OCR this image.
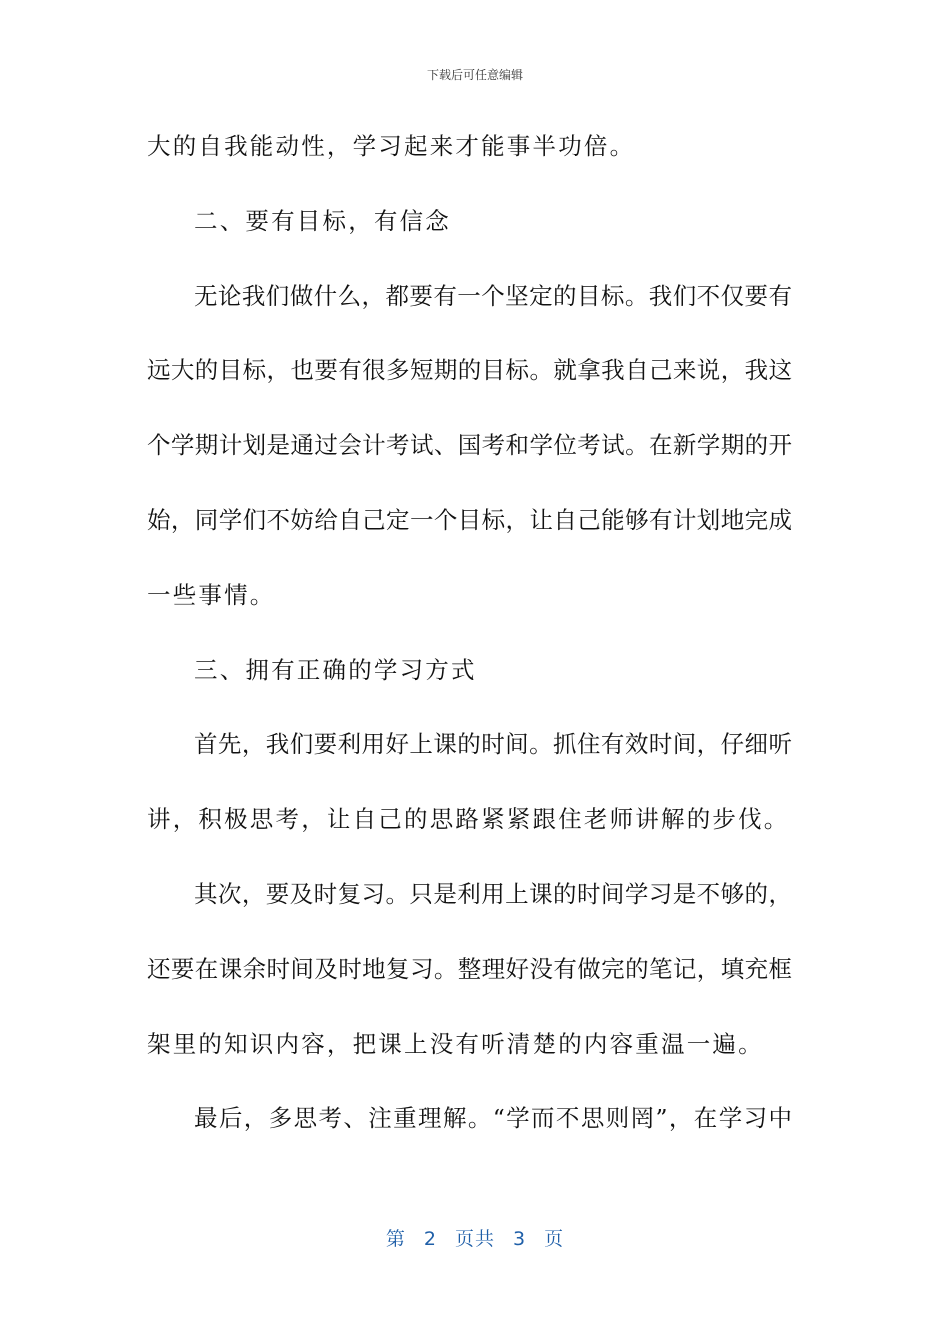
下载后可任意编辑
大的自我能动性，学习起来才能事半功倍。
二、要有目标，有信念
无论我们做什么，都要有一个坚定的目标。我们不仅要有
远大的目标，也要有很多短期的目标。就拿我自己来说，我这
个学期计划是通过会计考试、国考和学位考试。在新学期的开
始，同学们不妨给自己定一个目标，让自己能够有计划地完成
一些事情。
三、拥有正确的学习方式
首先，我们要利用好上课的时间。抓住有效时间，仔细听
讲，积极思考，让自己的思路紧紧跟住老师讲解的步伐。
其次，要及时复习。只是利用上课的时间学习是不够的，
还要在课余时间及时地复习。整理好没有做完的笔记，填充框
架里的知识内容，把课上没有听清楚的内容重温一遍。
最后，多思考、注重理解。“学而不思则罔”，在学习中
第 2 页共 3 页
